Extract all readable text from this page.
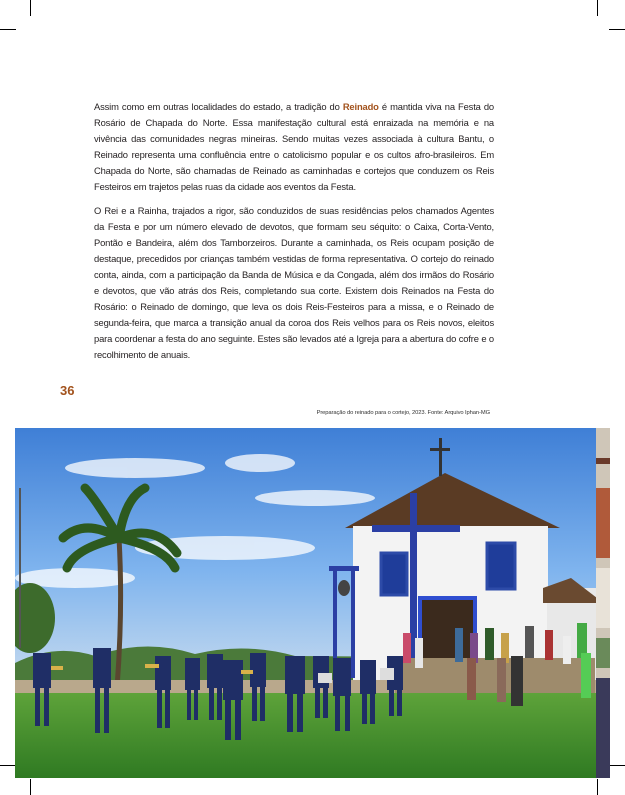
Assim como em outras localidades do estado, a tradição do Reinado é mantida viva na Festa do Rosário de Chapada do Norte. Essa manifestação cultural está enraizada na memória e na vivência das comunidades negras mineiras. Sendo muitas vezes associada à cultura Bantu, o Reinado representa uma confluência entre o catolicismo popular e os cultos afro-brasileiros. Em Chapada do Norte, são chamadas de Reinado as caminhadas e cortejos que conduzem os Reis Festeiros em trajetos pelas ruas da cidade aos eventos da Festa.

O Rei e a Rainha, trajados a rigor, são conduzidos de suas residências pelos chamados Agentes da Festa e por um número elevado de devotos, que formam seu séquito: o Caixa, Corta-Vento, Pontão e Bandeira, além dos Tamborzeiros. Durante a caminhada, os Reis ocupam posição de destaque, precedidos por crianças também vestidas de forma representativa. O cortejo do reinado conta, ainda, com a participação da Banda de Música e da Congada, além dos irmãos do Rosário e devotos, que vão atrás dos Reis, completando sua corte. Existem dois Reinados na Festa do Rosário: o Reinado de domingo, que leva os dois Reis-Festeiros para a missa, e o Reinado de segunda-feira, que marca a transição anual da coroa dos Reis velhos para os Reis novos, eleitos para coordenar a festa do ano seguinte. Estes são levados até a Igreja para a abertura do cofre e o recolhimento de anuais.

36
Preparação do reinado para o cortejo, 2023. Fonte: Arquivo Iphan-MG
